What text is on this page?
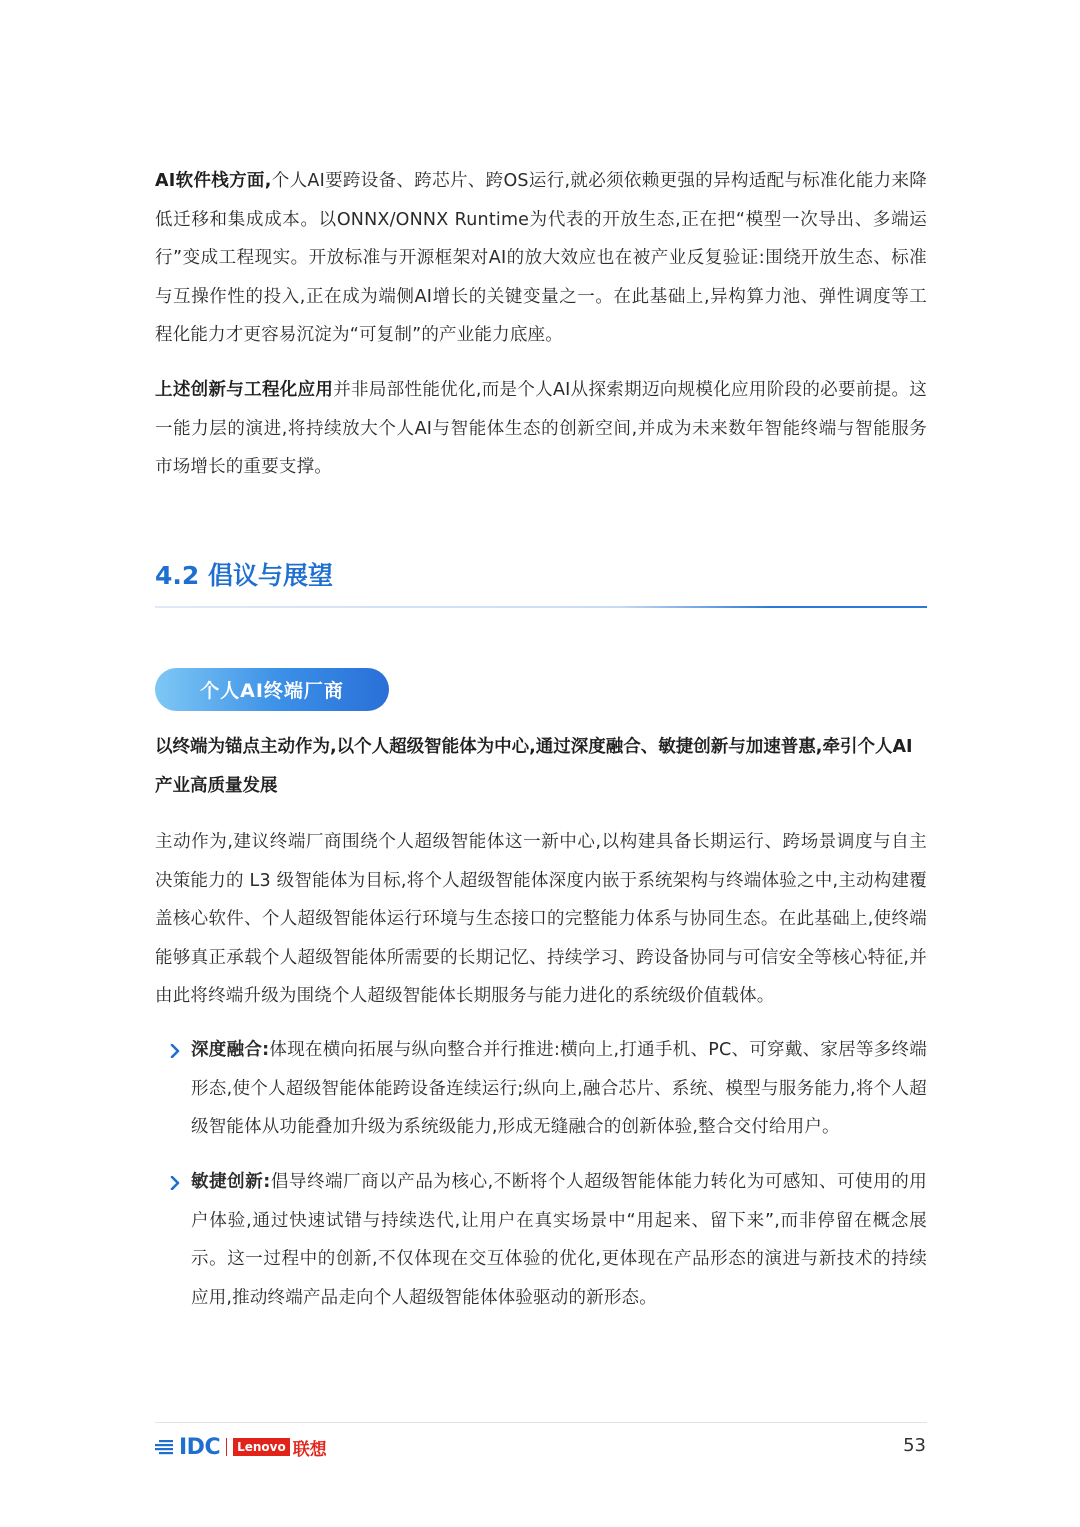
AI软件栈方面,个人AI要跨设备、跨芯片、跨OS运行,就必须依赖更强的异构适配与标准化能力来降低迁移和集成成本。以ONNX/ONNX Runtime为代表的开放生态,正在把“模型一次导出、多端运行”变成工程现实。开放标准与开源框架对AI的放大效应也在被产业反复验证:围绕开放生态、标准与互操作性的投入,正在成为端侧AI增长的关键变量之一。在此基础上,异构算力池、弹性调度等工程化能力才更容易沉淀为“可复制”的产业能力底座。

上述创新与工程化应用并非局部性能优化,而是个人AI从探索期迈向规模化应用阶段的必要前提。这一能力层的演进,将持续放大个人AI与智能体生态的创新空间,并成为未来数年智能终端与智能服务市场增长的重要支撑。

4.2 倡议与展望
个人AI终端厂商

以终端为锚点主动作为,以个人超级智能体为中心,通过深度融合、敏捷创新与加速普惠,牵引个人AI产业高质量发展

主动作为,建议终端厂商围绕个人超级智能体这一新中心,以构建具备长期运行、跨场景调度与自主决策能力的 L3 级智能体为目标,将个人超级智能体深度内嵌于系统架构与终端体验之中,主动构建覆盖核心软件、个人超级智能体运行环境与生态接口的完整能力体系与协同生态。在此基础上,使终端能够真正承载个人超级智能体所需要的长期记忆、持续学习、跨设备协同与可信安全等核心特征,并由此将终端升级为围绕个人超级智能体长期服务与能力进化的系统级价值载体。

深度融合:体现在横向拓展与纵向整合并行推进:横向上,打通手机、PC、可穿戴、家居等多终端形态,使个人超级智能体能跨设备连续运行;纵向上,融合芯片、系统、模型与服务能力,将个人超级智能体从功能叠加升级为系统级能力,形成无缝融合的创新体验,整合交付给用户。

敏捷创新:倡导终端厂商以产品为核心,不断将个人超级智能体能力转化为可感知、可使用的用户体验,通过快速试错与持续迭代,让用户在真实场景中“用起来、留下来”,而非停留在概念展示。这一过程中的创新,不仅体现在交互体验的优化,更体现在产品形态的演进与新技术的持续应用,推动终端产品走向个人超级智能体体验驱动的新形态。

IDC	Lenovo 联想	53
